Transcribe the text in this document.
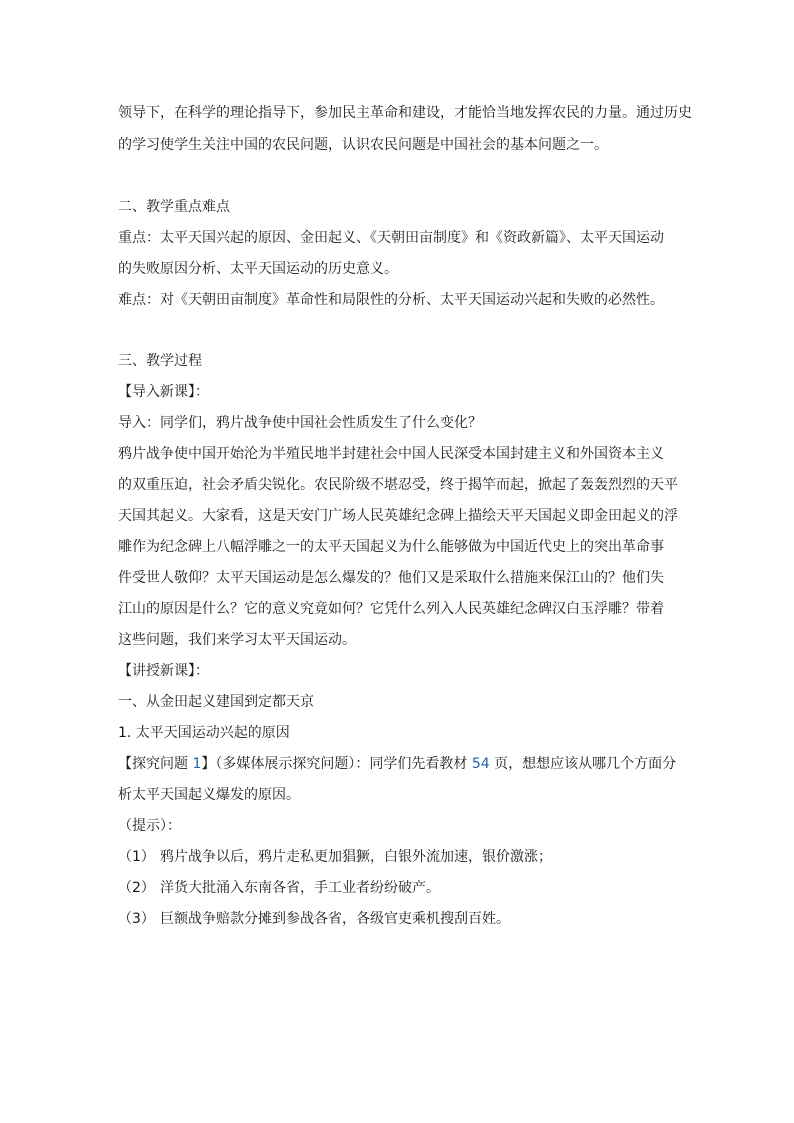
领导下，在科学的理论指导下，参加民主革命和建设，才能恰当地发挥农民的力量。通过历史
的学习使学生关注中国的农民问题，认识农民问题是中国社会的基本问题之一。
二、教学重点难点
重点：太平天国兴起的原因、金田起义、《天朝田亩制度》和《资政新篇》、太平天国运动
的失败原因分析、太平天国运动的历史意义。
难点：对《天朝田亩制度》革命性和局限性的分析、太平天国运动兴起和失败的必然性。
三、教学过程
【导入新课】：
导入：同学们，鸦片战争使中国社会性质发生了什么变化？
鸦片战争使中国开始沦为半殖民地半封建社会中国人民深受本国封建主义和外国资本主义
的双重压迫，社会矛盾尖锐化。农民阶级不堪忍受，终于揭竿而起，掀起了轰轰烈烈的天平
天国其起义。大家看，这是天安门广场人民英雄纪念碑上描绘天平天国起义即金田起义的浮
雕作为纪念碑上八幅浮雕之一的太平天国起义为什么能够做为中国近代史上的突出革命事
件受世人敬仰？太平天国运动是怎么爆发的？他们又是采取什么措施来保江山的？他们失
江山的原因是什么？它的意义究竟如何？它凭什么列入人民英雄纪念碑汉白玉浮雕？带着
这些问题，我们来学习太平天国运动。
【讲授新课】：
一、从金田起义建国到定都天京
1. 太平天国运动兴起的原因
【探究问题 1】（多媒体展示探究问题）：同学们先看教材 54 页，想想应该从哪几个方面分
析太平天国起义爆发的原因。
（提示）：
（1） 鸦片战争以后，鸦片走私更加猖獗，白银外流加速，银价激涨；
（2） 洋货大批涌入东南各省，手工业者纷纷破产。
（3） 巨额战争赔款分摊到参战各省，各级官吏乘机搜刮百姓。
